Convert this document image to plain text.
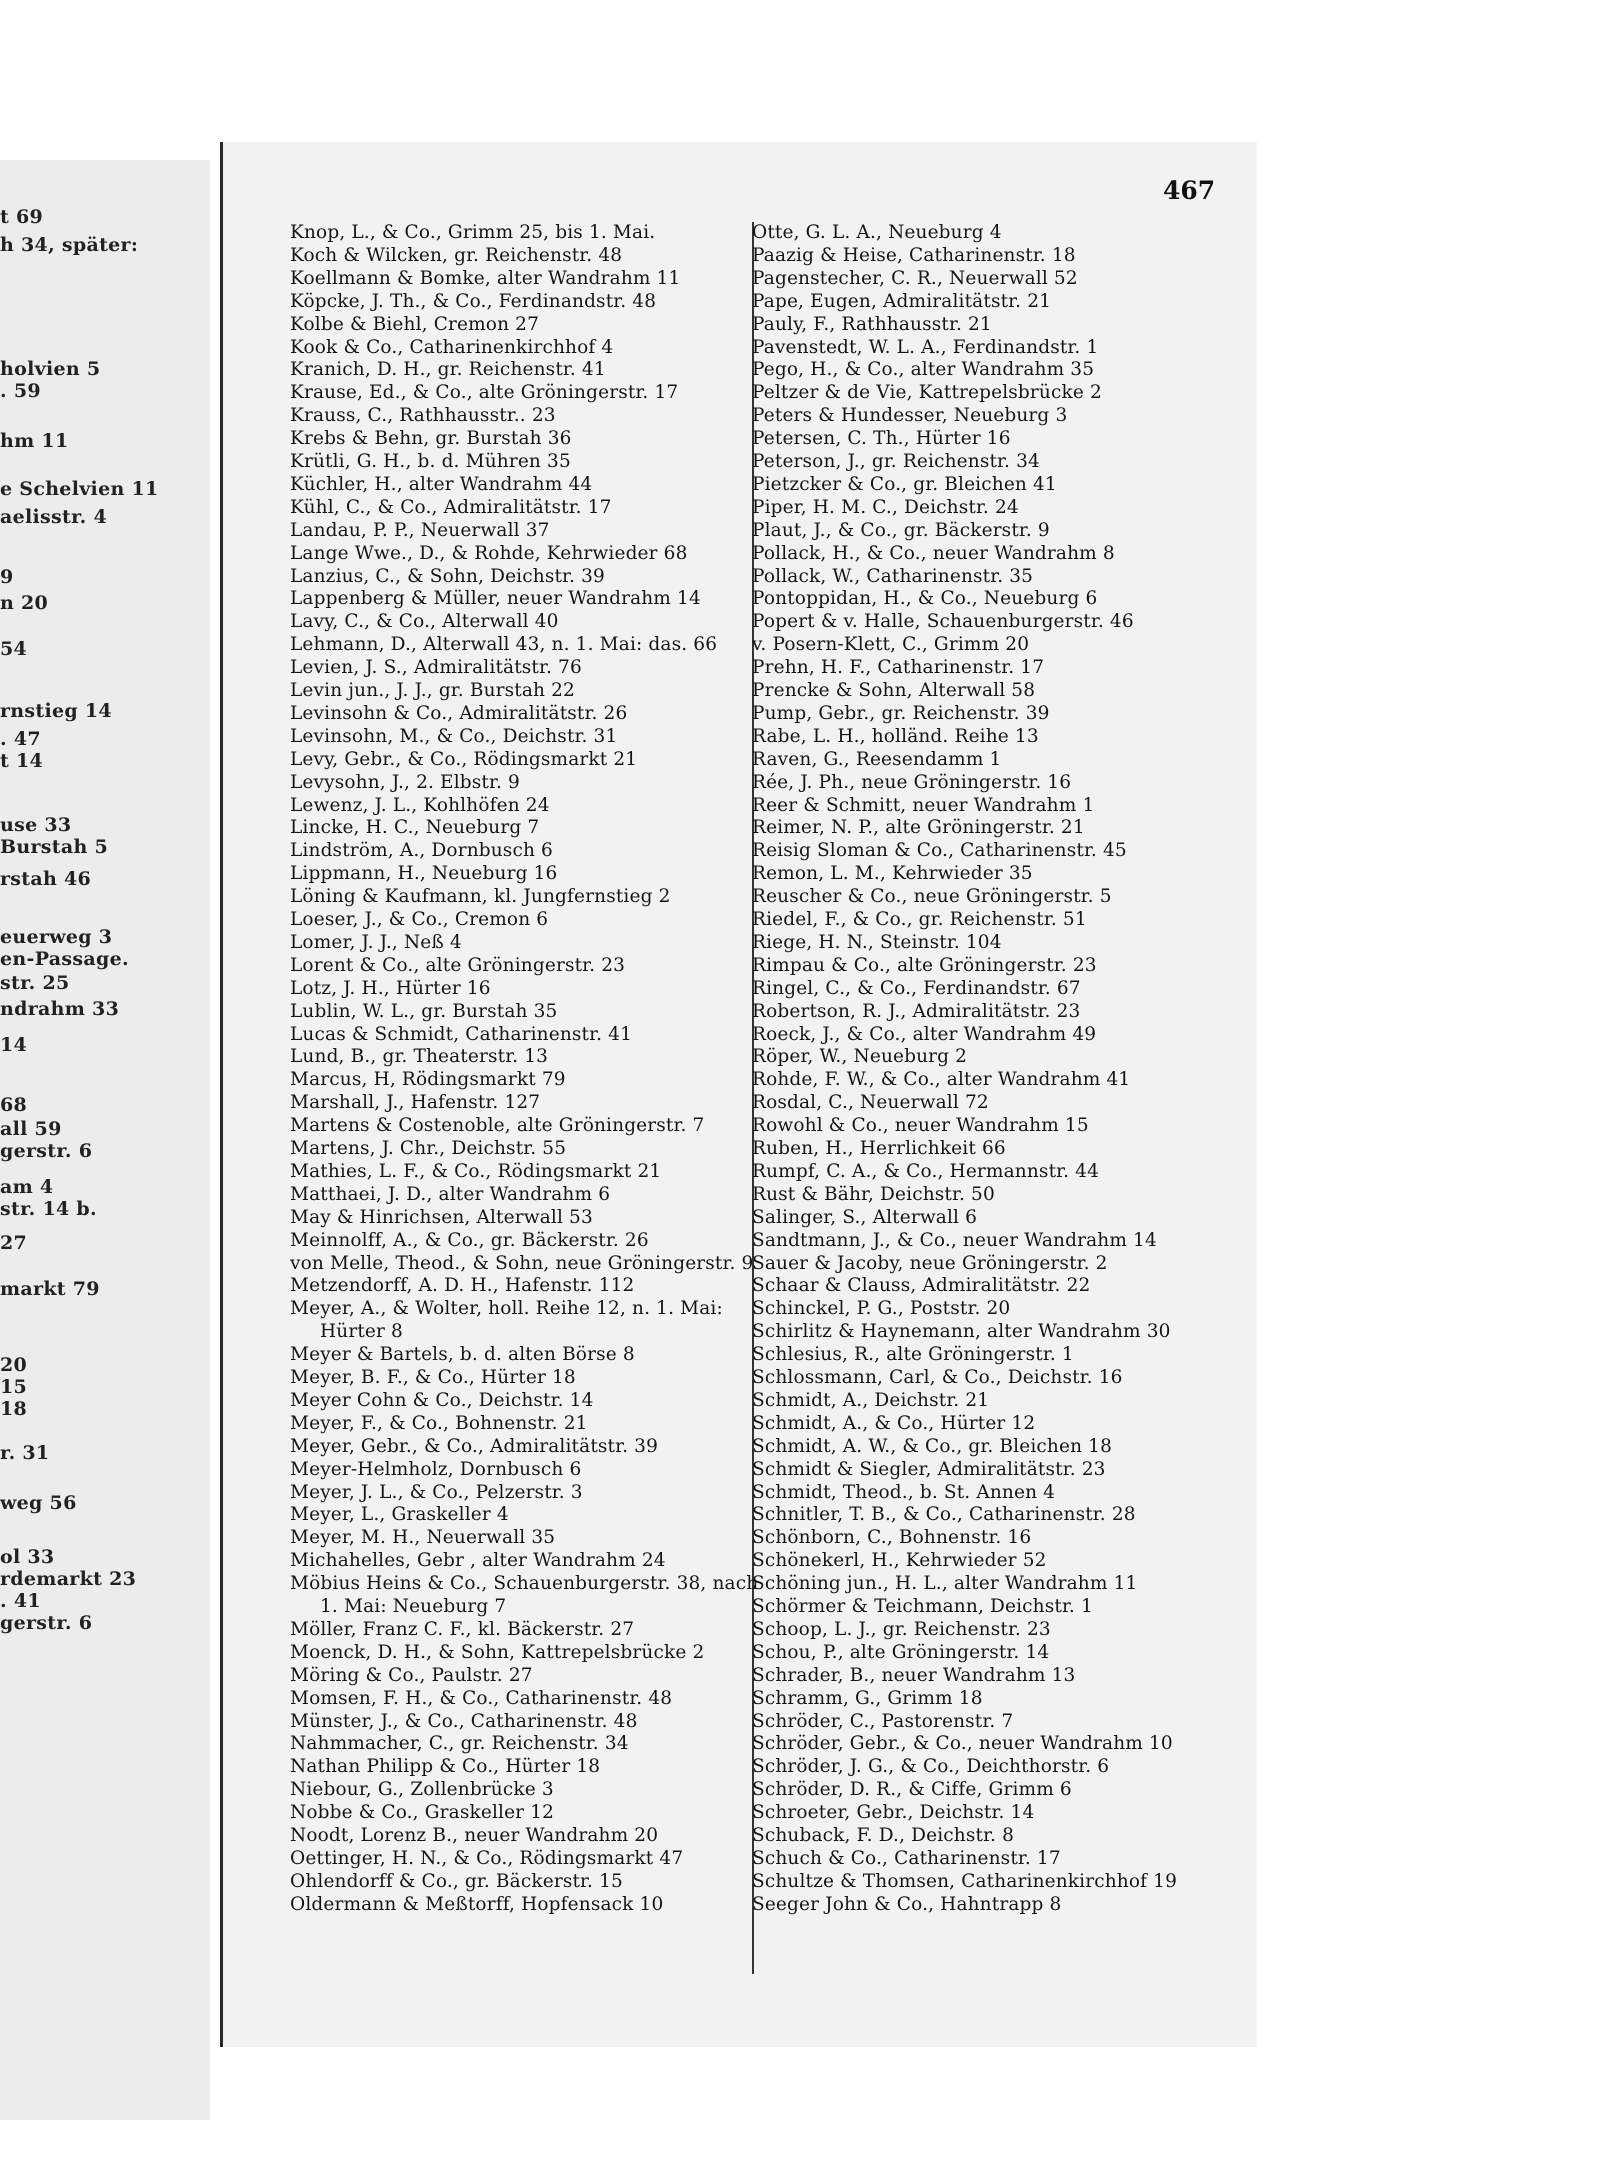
t 69
h 34, später:
holvien 5
. 59
hm 11
e Schelvien 11
aelisstr. 4
9
n 20
54
rnstieg 14
. 47
t 14
use 33
Burstah 5
rstah 46
euerweg 3
en-Passage.
str. 25
ndrahm 33
14
68
all 59
gerstr. 6
am 4
str. 14 b.
27
markt 79
20
15
18
r. 31
weg 56
ol 33
rdemarkt 23
. 41
gerstr. 6
467
Knop, L., & Co., Grimm 25, bis 1. Mai.
Koch & Wilcken, gr. Reichenstr. 48
Koellmann & Bomke, alter Wandrahm 11
Köpcke, J. Th., & Co., Ferdinandstr. 48
Kolbe & Biehl, Cremon 27
Kook & Co., Catharinenkirchhof 4
Kranich, D. H., gr. Reichenstr. 41
Krause, Ed., & Co., alte Gröningerstr. 17
Krauss, C., Rathhausstr.. 23
Krebs & Behn, gr. Burstah 36
Krütli, G. H., b. d. Mühren 35
Küchler, H., alter Wandrahm 44
Kühl, C., & Co., Admiralitätstr. 17
Landau, P. P., Neuerwall 37
Lange Wwe., D., & Rohde, Kehrwieder 68
Lanzius, C., & Sohn, Deichstr. 39
Lappenberg & Müller, neuer Wandrahm 14
Lavy, C., & Co., Alterwall 40
Lehmann, D., Alterwall 43, n. 1. Mai: das. 66
Levien, J. S., Admiralitätstr. 76
Levin jun., J. J., gr. Burstah 22
Levinsohn & Co., Admiralitätstr. 26
Levinsohn, M., & Co., Deichstr. 31
Levy, Gebr., & Co., Rödingsmarkt 21
Levysohn, J., 2. Elbstr. 9
Lewenz, J. L., Kohlhöfen 24
Lincke, H. C., Neueburg 7
Lindström, A., Dornbusch 6
Lippmann, H., Neueburg 16
Löning & Kaufmann, kl. Jungfernstieg 2
Loeser, J., & Co., Cremon 6
Lomer, J. J., Neß 4
Lorent & Co., alte Gröningerstr. 23
Lotz, J. H., Hürter 16
Lublin, W. L., gr. Burstah 35
Lucas & Schmidt, Catharinenstr. 41
Lund, B., gr. Theaterstr. 13
Marcus, H, Rödingsmarkt 79
Marshall, J., Hafenstr. 127
Martens & Costenoble, alte Gröningerstr. 7
Martens, J. Chr., Deichstr. 55
Mathies, L. F., & Co., Rödingsmarkt 21
Matthaei, J. D., alter Wandrahm 6
May & Hinrichsen, Alterwall 53
Meinnolff, A., & Co., gr. Bäckerstr. 26
von Melle, Theod., & Sohn, neue Gröningerstr. 9
Metzendorff, A. D. H., Hafenstr. 112
Meyer, A., & Wolter, holl. Reihe 12, n. 1. Mai:
Hürter 8
Meyer & Bartels, b. d. alten Börse 8
Meyer, B. F., & Co., Hürter 18
Meyer Cohn & Co., Deichstr. 14
Meyer, F., & Co., Bohnenstr. 21
Meyer, Gebr., & Co., Admiralitätstr. 39
Meyer-Helmholz, Dornbusch 6
Meyer, J. L., & Co., Pelzerstr. 3
Meyer, L., Graskeller 4
Meyer, M. H., Neuerwall 35
Michahelles, Gebr , alter Wandrahm 24
Möbius Heins & Co., Schauenburgerstr. 38, nach
1. Mai: Neueburg 7
Möller, Franz C. F., kl. Bäckerstr. 27
Moenck, D. H., & Sohn, Kattrepelsbrücke 2
Möring & Co., Paulstr. 27
Momsen, F. H., & Co., Catharinenstr. 48
Münster, J., & Co., Catharinenstr. 48
Nahmmacher, C., gr. Reichenstr. 34
Nathan Philipp & Co., Hürter 18
Niebour, G., Zollenbrücke 3
Nobbe & Co., Graskeller 12
Noodt, Lorenz B., neuer Wandrahm 20
Oettinger, H. N., & Co., Rödingsmarkt 47
Ohlendorff & Co., gr. Bäckerstr. 15
Oldermann & Meßtorff, Hopfensack 10
Otte, G. L. A., Neueburg 4
Paazig & Heise, Catharinenstr. 18
Pagenstecher, C. R., Neuerwall 52
Pape, Eugen, Admiralitätstr. 21
Pauly, F., Rathhausstr. 21
Pavenstedt, W. L. A., Ferdinandstr. 1
Pego, H., & Co., alter Wandrahm 35
Peltzer & de Vie, Kattrepelsbrücke 2
Peters & Hundesser, Neueburg 3
Petersen, C. Th., Hürter 16
Peterson, J., gr. Reichenstr. 34
Pietzcker & Co., gr. Bleichen 41
Piper, H. M. C., Deichstr. 24
Plaut, J., & Co., gr. Bäckerstr. 9
Pollack, H., & Co., neuer Wandrahm 8
Pollack, W., Catharinenstr. 35
Pontoppidan, H., & Co., Neueburg 6
Popert & v. Halle, Schauenburgerstr. 46
v. Posern-Klett, C., Grimm 20
Prehn, H. F., Catharinenstr. 17
Prencke & Sohn, Alterwall 58
Pump, Gebr., gr. Reichenstr. 39
Rabe, L. H., holländ. Reihe 13
Raven, G., Reesendamm 1
Rée, J. Ph., neue Gröningerstr. 16
Reer & Schmitt, neuer Wandrahm 1
Reimer, N. P., alte Gröningerstr. 21
Reisig Sloman & Co., Catharinenstr. 45
Remon, L. M., Kehrwieder 35
Reuscher & Co., neue Gröningerstr. 5
Riedel, F., & Co., gr. Reichenstr. 51
Riege, H. N., Steinstr. 104
Rimpau & Co., alte Gröningerstr. 23
Ringel, C., & Co., Ferdinandstr. 67
Robertson, R. J., Admiralitätstr. 23
Roeck, J., & Co., alter Wandrahm 49
Röper, W., Neueburg 2
Rohde, F. W., & Co., alter Wandrahm 41
Rosdal, C., Neuerwall 72
Rowohl & Co., neuer Wandrahm 15
Ruben, H., Herrlichkeit 66
Rumpf, C. A., & Co., Hermannstr. 44
Rust & Bähr, Deichstr. 50
Salinger, S., Alterwall 6
Sandtmann, J., & Co., neuer Wandrahm 14
Sauer & Jacoby, neue Gröningerstr. 2
Schaar & Clauss, Admiralitätstr. 22
Schinckel, P. G., Poststr. 20
Schirlitz & Haynemann, alter Wandrahm 30
Schlesius, R., alte Gröningerstr. 1
Schlossmann, Carl, & Co., Deichstr. 16
Schmidt, A., Deichstr. 21
Schmidt, A., & Co., Hürter 12
Schmidt, A. W., & Co., gr. Bleichen 18
Schmidt & Siegler, Admiralitätstr. 23
Schmidt, Theod., b. St. Annen 4
Schnitler, T. B., & Co., Catharinenstr. 28
Schönborn, C., Bohnenstr. 16
Schönekerl, H., Kehrwieder 52
Schöning jun., H. L., alter Wandrahm 11
Schörmer & Teichmann, Deichstr. 1
Schoop, L. J., gr. Reichenstr. 23
Schou, P., alte Gröningerstr. 14
Schrader, B., neuer Wandrahm 13
Schramm, G., Grimm 18
Schröder, C., Pastorenstr. 7
Schröder, Gebr., & Co., neuer Wandrahm 10
Schröder, J. G., & Co., Deichthorstr. 6
Schröder, D. R., & Ciffe, Grimm 6
Schroeter, Gebr., Deichstr. 14
Schuback, F. D., Deichstr. 8
Schuch & Co., Catharinenstr. 17
Schultze & Thomsen, Catharinenkirchhof 19
Seeger John & Co., Hahntrapp 8
